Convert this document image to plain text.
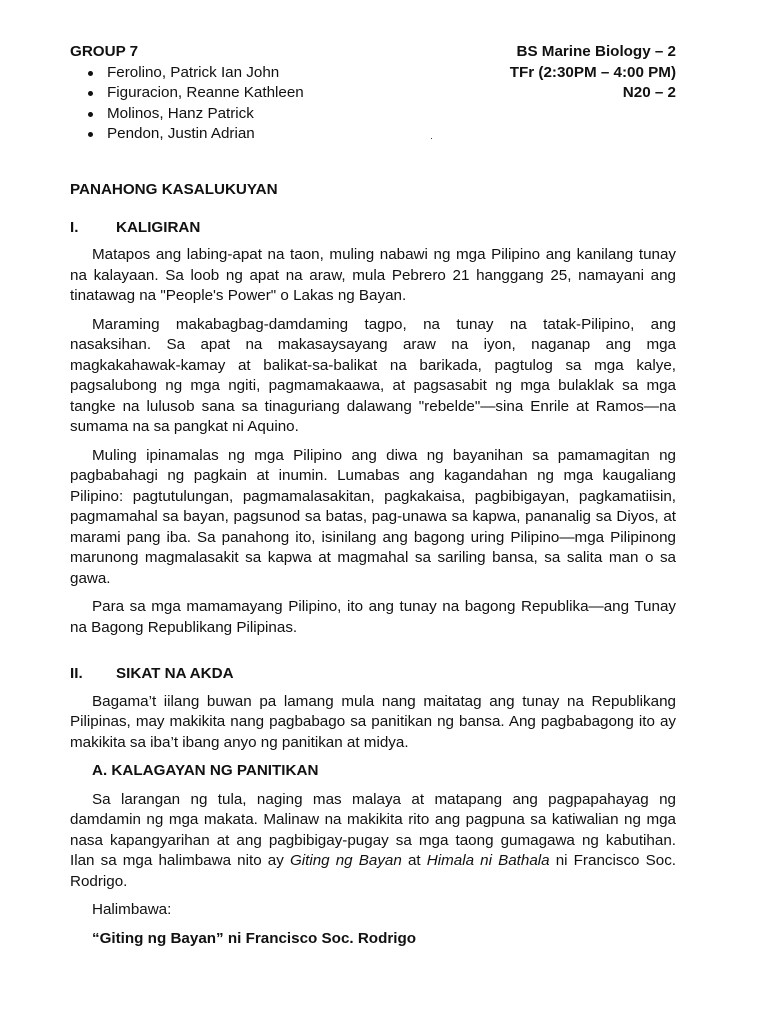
GROUP 7
Ferolino, Patrick Ian John
Figuracion, Reanne Kathleen
Molinos, Hanz Patrick
Pendon, Justin Adrian
BS Marine Biology – 2
TFr (2:30PM – 4:00 PM)
N20 – 2
·
PANAHONG KASALUKUYAN
I.	KALIGIRAN

Matapos ang labing-apat na taon, muling nabawi ng mga Pilipino ang kanilang tunay na kalayaan. Sa loob ng apat na araw, mula Pebrero 21 hanggang 25, namayani ang tinatawag na "People's Power" o Lakas ng Bayan.

Maraming makabagbag-damdaming tagpo, na tunay na tatak-Pilipino, ang nasaksihan. Sa apat na makasaysayang araw na iyon, naganap ang mga magkakahawak-kamay at balikat-sa-balikat na barikada, pagtulog sa mga kalye, pagsalubong ng mga ngiti, pagmamakaawa, at pagsasabit ng mga bulaklak sa mga tangke na lulusob sana sa tinaguriang dalawang "rebelde"—sina Enrile at Ramos—na sumama na sa pangkat ni Aquino.

Muling ipinamalas ng mga Pilipino ang diwa ng bayanihan sa pamamagitan ng pagbabahagi ng pagkain at inumin. Lumabas ang kagandahan ng mga kaugaliang Pilipino: pagtutulungan, pagmamalasakitan, pagkakaisa, pagbibigayan, pagkamatiisin, pagmamahal sa bayan, pagsunod sa batas, pag-unawa sa kapwa, pananalig sa Diyos, at marami pang iba. Sa panahong ito, isinilang ang bagong uring Pilipino—mga Pilipinong marunong magmalasakit sa kapwa at magmahal sa sariling bansa, sa salita man o sa gawa.

Para sa mga mamamayang Pilipino, ito ang tunay na bagong Republika—ang Tunay na Bagong Republikang Pilipinas.

II.	SIKAT NA AKDA

Bagama’t iilang buwan pa lamang mula nang maitatag ang tunay na Republikang Pilipinas, may makikita nang pagbabago sa panitikan ng bansa. Ang pagbabagong ito ay makikita sa iba’t ibang anyo ng panitikan at midya.

A. KALAGAYAN NG PANITIKAN

Sa larangan ng tula, naging mas malaya at matapang ang pagpapahayag ng damdamin ng mga makata. Malinaw na makikita rito ang pagpuna sa katiwalian ng mga nasa kapangyarihan at ang pagbibigay-pugay sa mga taong gumagawa ng kabutihan. Ilan sa mga halimbawa nito ay Giting ng Bayan at Himala ni Bathala ni Francisco Soc. Rodrigo.

Halimbawa:
“Giting ng Bayan” ni Francisco Soc. Rodrigo
